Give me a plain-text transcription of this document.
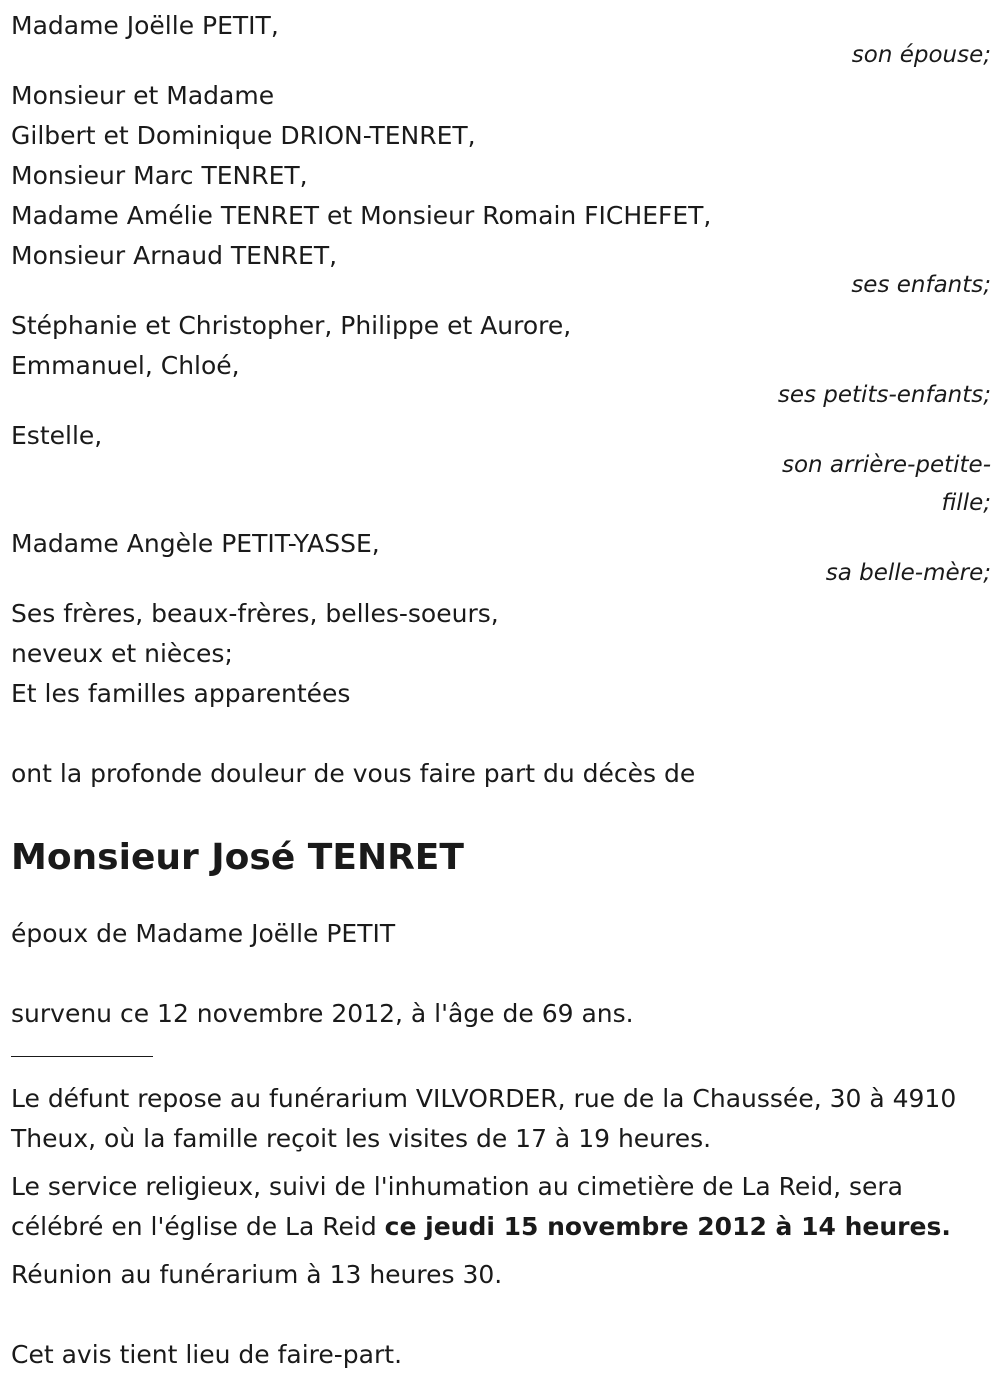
Madame Joëlle PETIT,
son épouse;
Monsieur et Madame
Gilbert et Dominique DRION-TENRET,
Monsieur Marc TENRET,
Madame Amélie TENRET et Monsieur Romain FICHEFET,
Monsieur Arnaud TENRET,
ses enfants;
Stéphanie et Christopher, Philippe et Aurore,
Emmanuel, Chloé,
ses petits-enfants;
Estelle,
son arrière-petite-fille;
Madame Angèle PETIT-YASSE,
sa belle-mère;
Ses frères, beaux-frères, belles-soeurs,
neveux et nièces;
Et les familles apparentées
ont la profonde douleur de vous faire part du décès de
Monsieur José TENRET
époux de Madame Joëlle PETIT
survenu ce 12 novembre 2012, à l'âge de 69 ans.
Le défunt repose au funérarium VILVORDER, rue de la Chaussée, 30 à 4910 Theux, où la famille reçoit les visites de 17 à 19 heures.
Le service religieux, suivi de l'inhumation au cimetière de La Reid, sera célébré en l'église de La Reid ce jeudi 15 novembre 2012 à 14 heures.
Réunion au funérarium à 13 heures 30.
Cet avis tient lieu de faire-part.
